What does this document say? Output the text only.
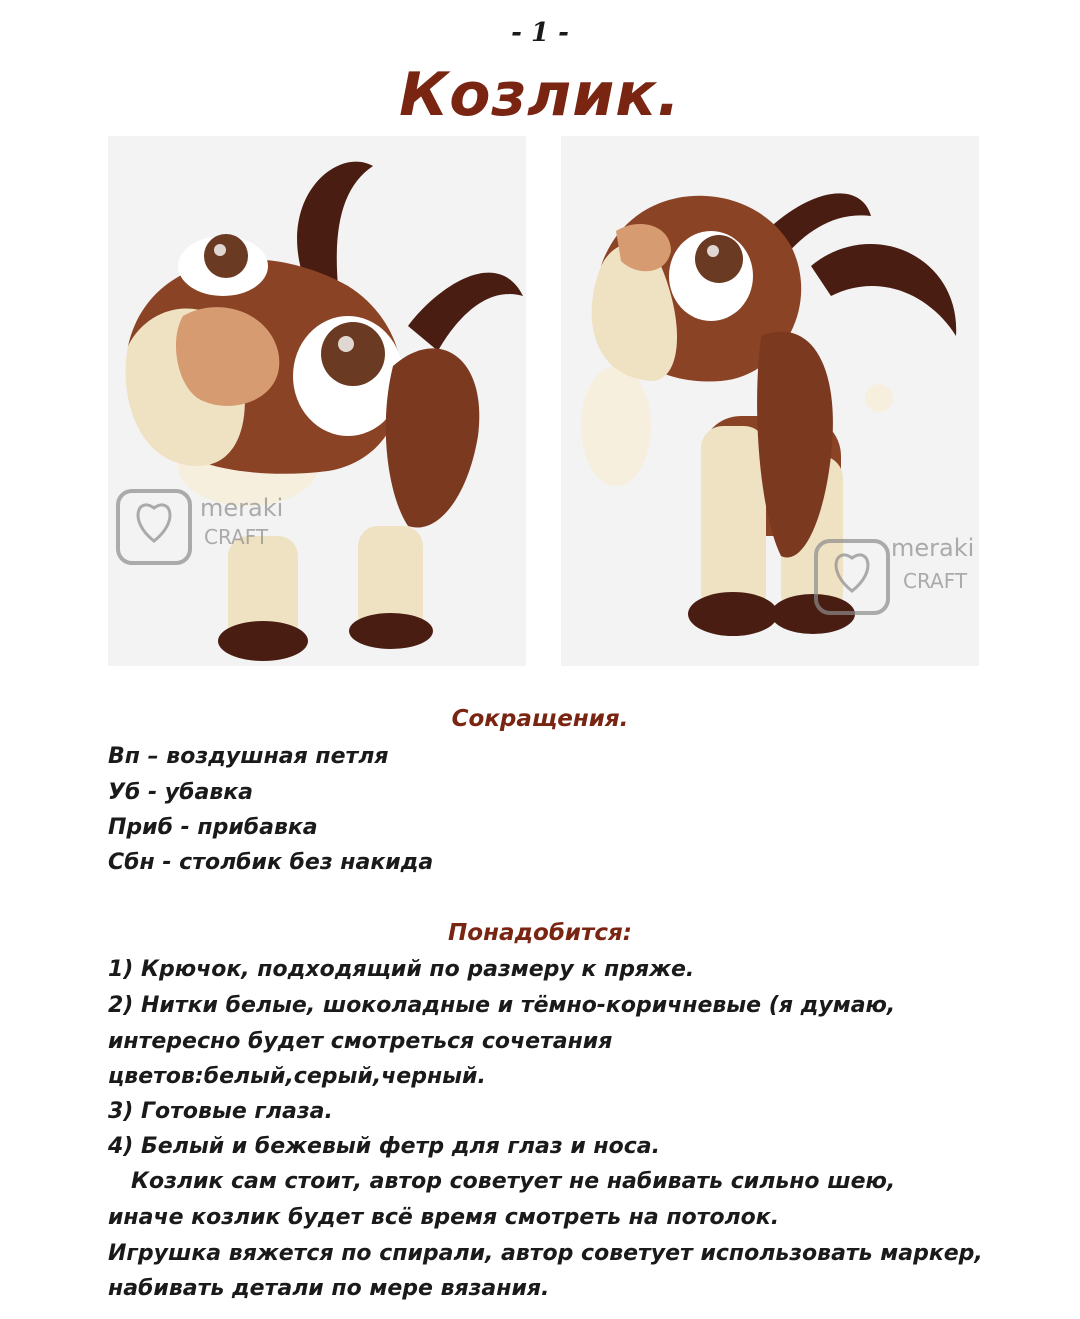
- 1 -
Козлик.
meraki
CRAFT	meraki
CRAFT
Сокращения.
Вп – воздушная петля
Уб - убавка
Приб - прибавка
Сбн - столбик без накида
Понадобится:
1) Крючок, подходящий по размеру к пряже.
2) Нитки белые, шоколадные и тёмно-коричневые (я думаю,
интересно будет смотреться сочетания
цветов:белый,серый,черный.
3) Готовые глаза.
4) Белый и бежевый фетр для глаз и носа.
Козлик сам стоит, автор советует не набивать сильно шею,
иначе козлик будет всё время смотреть на потолок.
Игрушка вяжется по спирали, автор советует использовать маркер,
набивать детали по мере вязания.
